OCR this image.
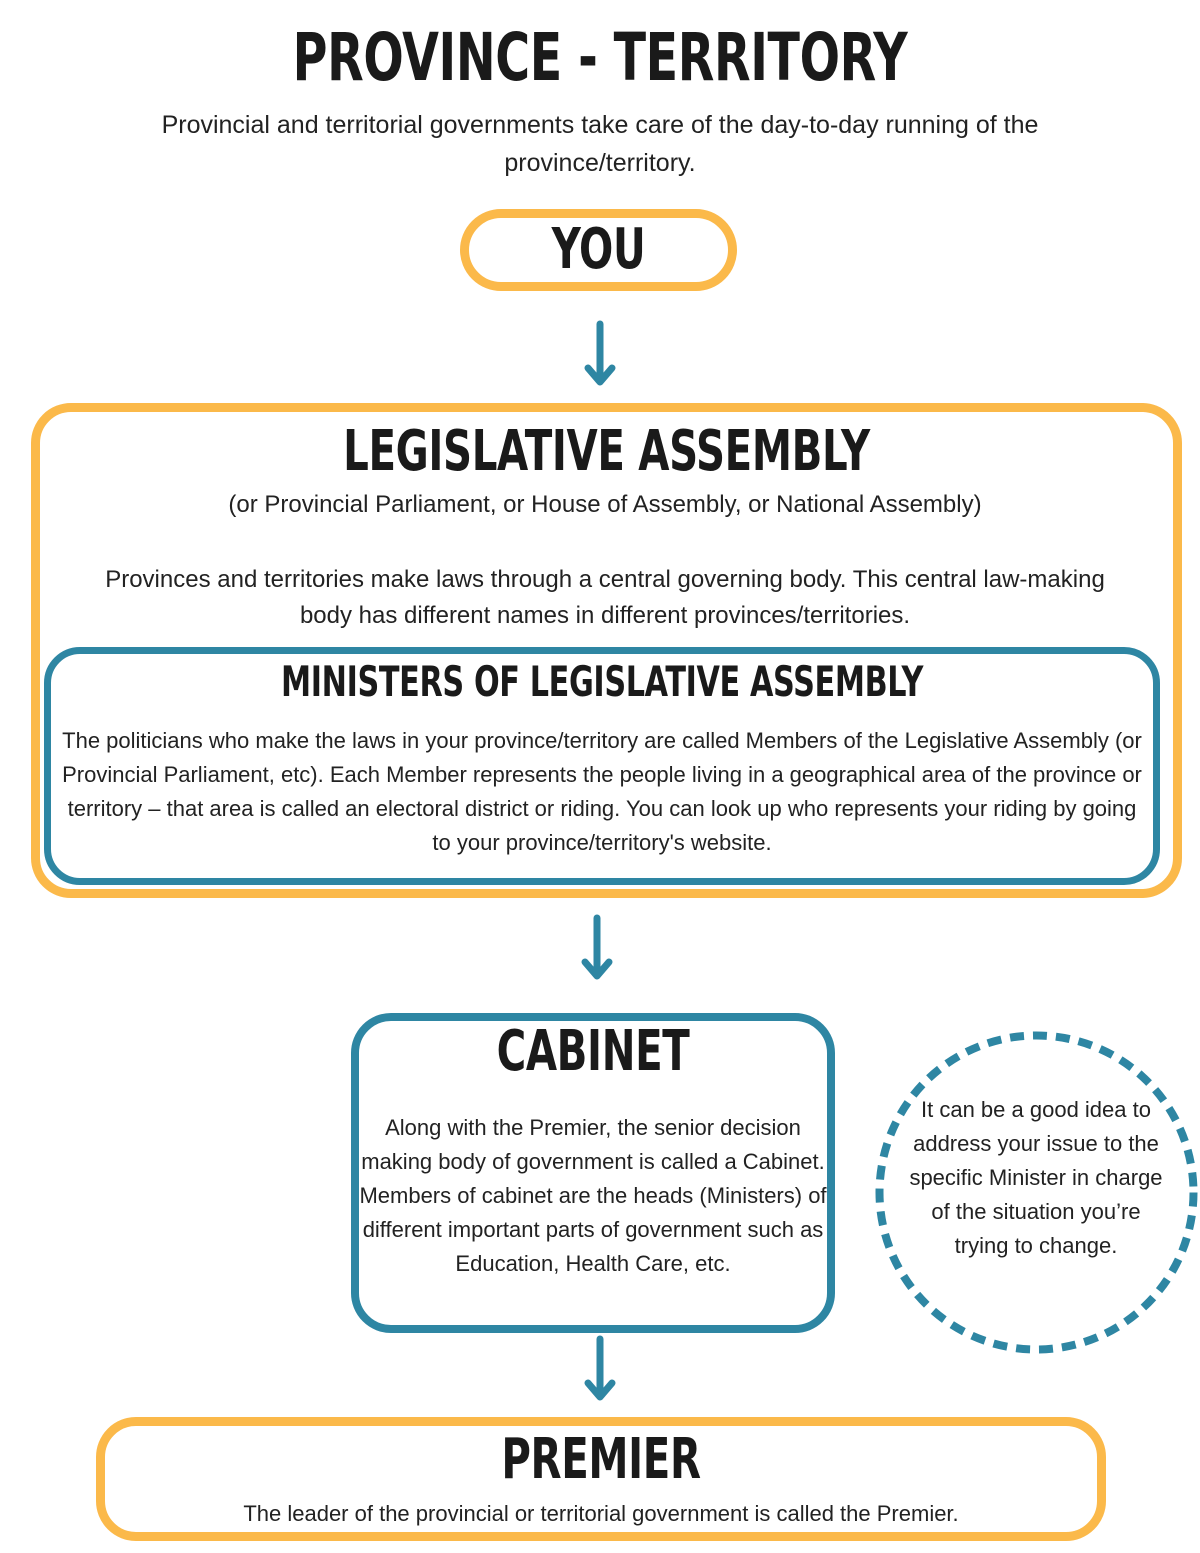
PROVINCE - TERRITORY
Provincial and territorial governments take care of the day-to-day running of the province/territory.
YOU
LEGISLATIVE ASSEMBLY
(or Provincial Parliament, or House of Assembly, or National Assembly)
Provinces and territories make laws through a central governing body. This central law-making body has different names in different provinces/territories.
MINISTERS OF LEGISLATIVE ASSEMBLY
The politicians who make the laws in your province/territory are called Members of the Legislative Assembly (or Provincial Parliament, etc). Each Member represents the people living in a geographical area of the province or territory – that area is called an electoral district or riding. You can look up who represents your riding by going to your province/territory's website.
CABINET
Along with the Premier, the senior decision making body of government is called a Cabinet. Members of cabinet are the heads (Ministers) of different important parts of government such as Education, Health Care, etc.
It can be a good idea to address your issue to the specific Minister in charge of the situation you’re trying to change.
PREMIER
The leader of the provincial or territorial government is called the Premier.
